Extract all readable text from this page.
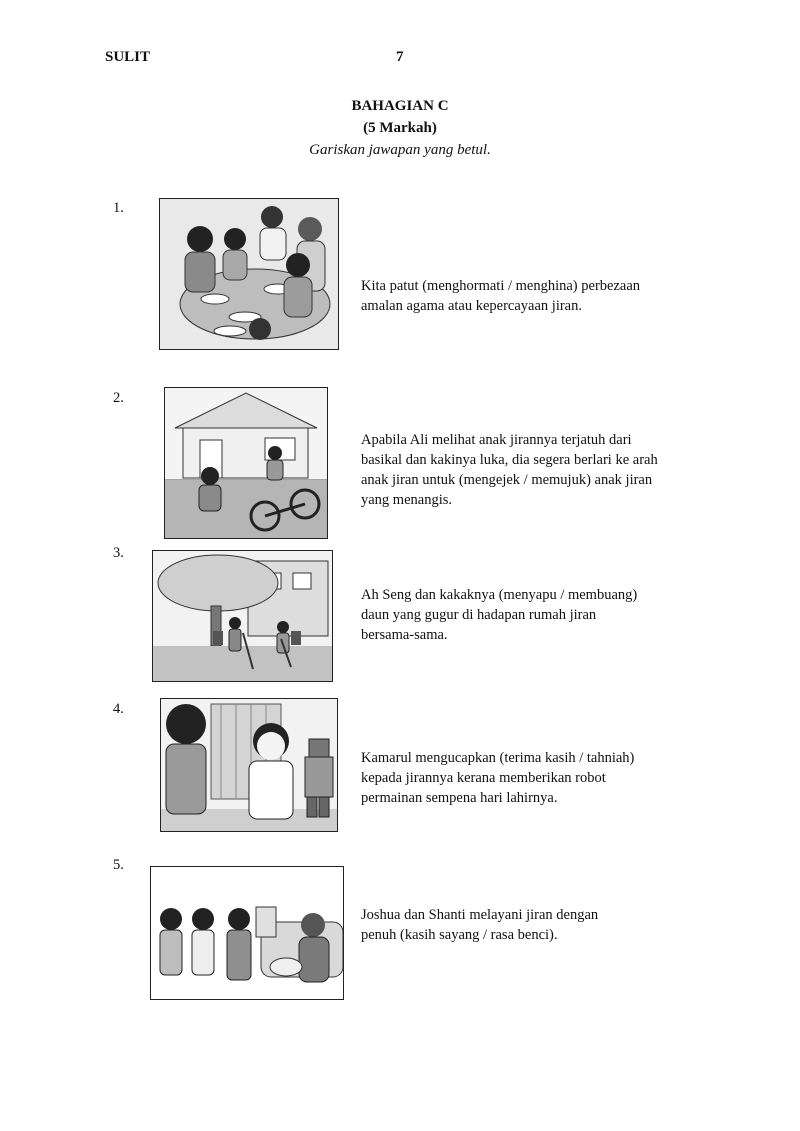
SULIT	7
BAHAGIAN C
(5 Markah)
Gariskan jawapan yang betul.
1.
Kita patut (menghormati / menghina) perbezaan
amalan agama atau kepercayaan jiran.
2.
Apabila Ali melihat anak jirannya terjatuh dari
basikal dan kakinya luka, dia segera berlari ke arah
anak jiran untuk (mengejek / memujuk) anak jiran
yang menangis.
3.
Ah Seng dan kakaknya (menyapu / membuang)
daun yang gugur di hadapan rumah jiran
bersama-sama.
4.
Kamarul mengucapkan (terima kasih / tahniah)
kepada jirannya kerana memberikan robot
permainan sempena hari lahirnya.
5.
Joshua dan Shanti melayani jiran dengan
penuh (kasih sayang / rasa benci).
